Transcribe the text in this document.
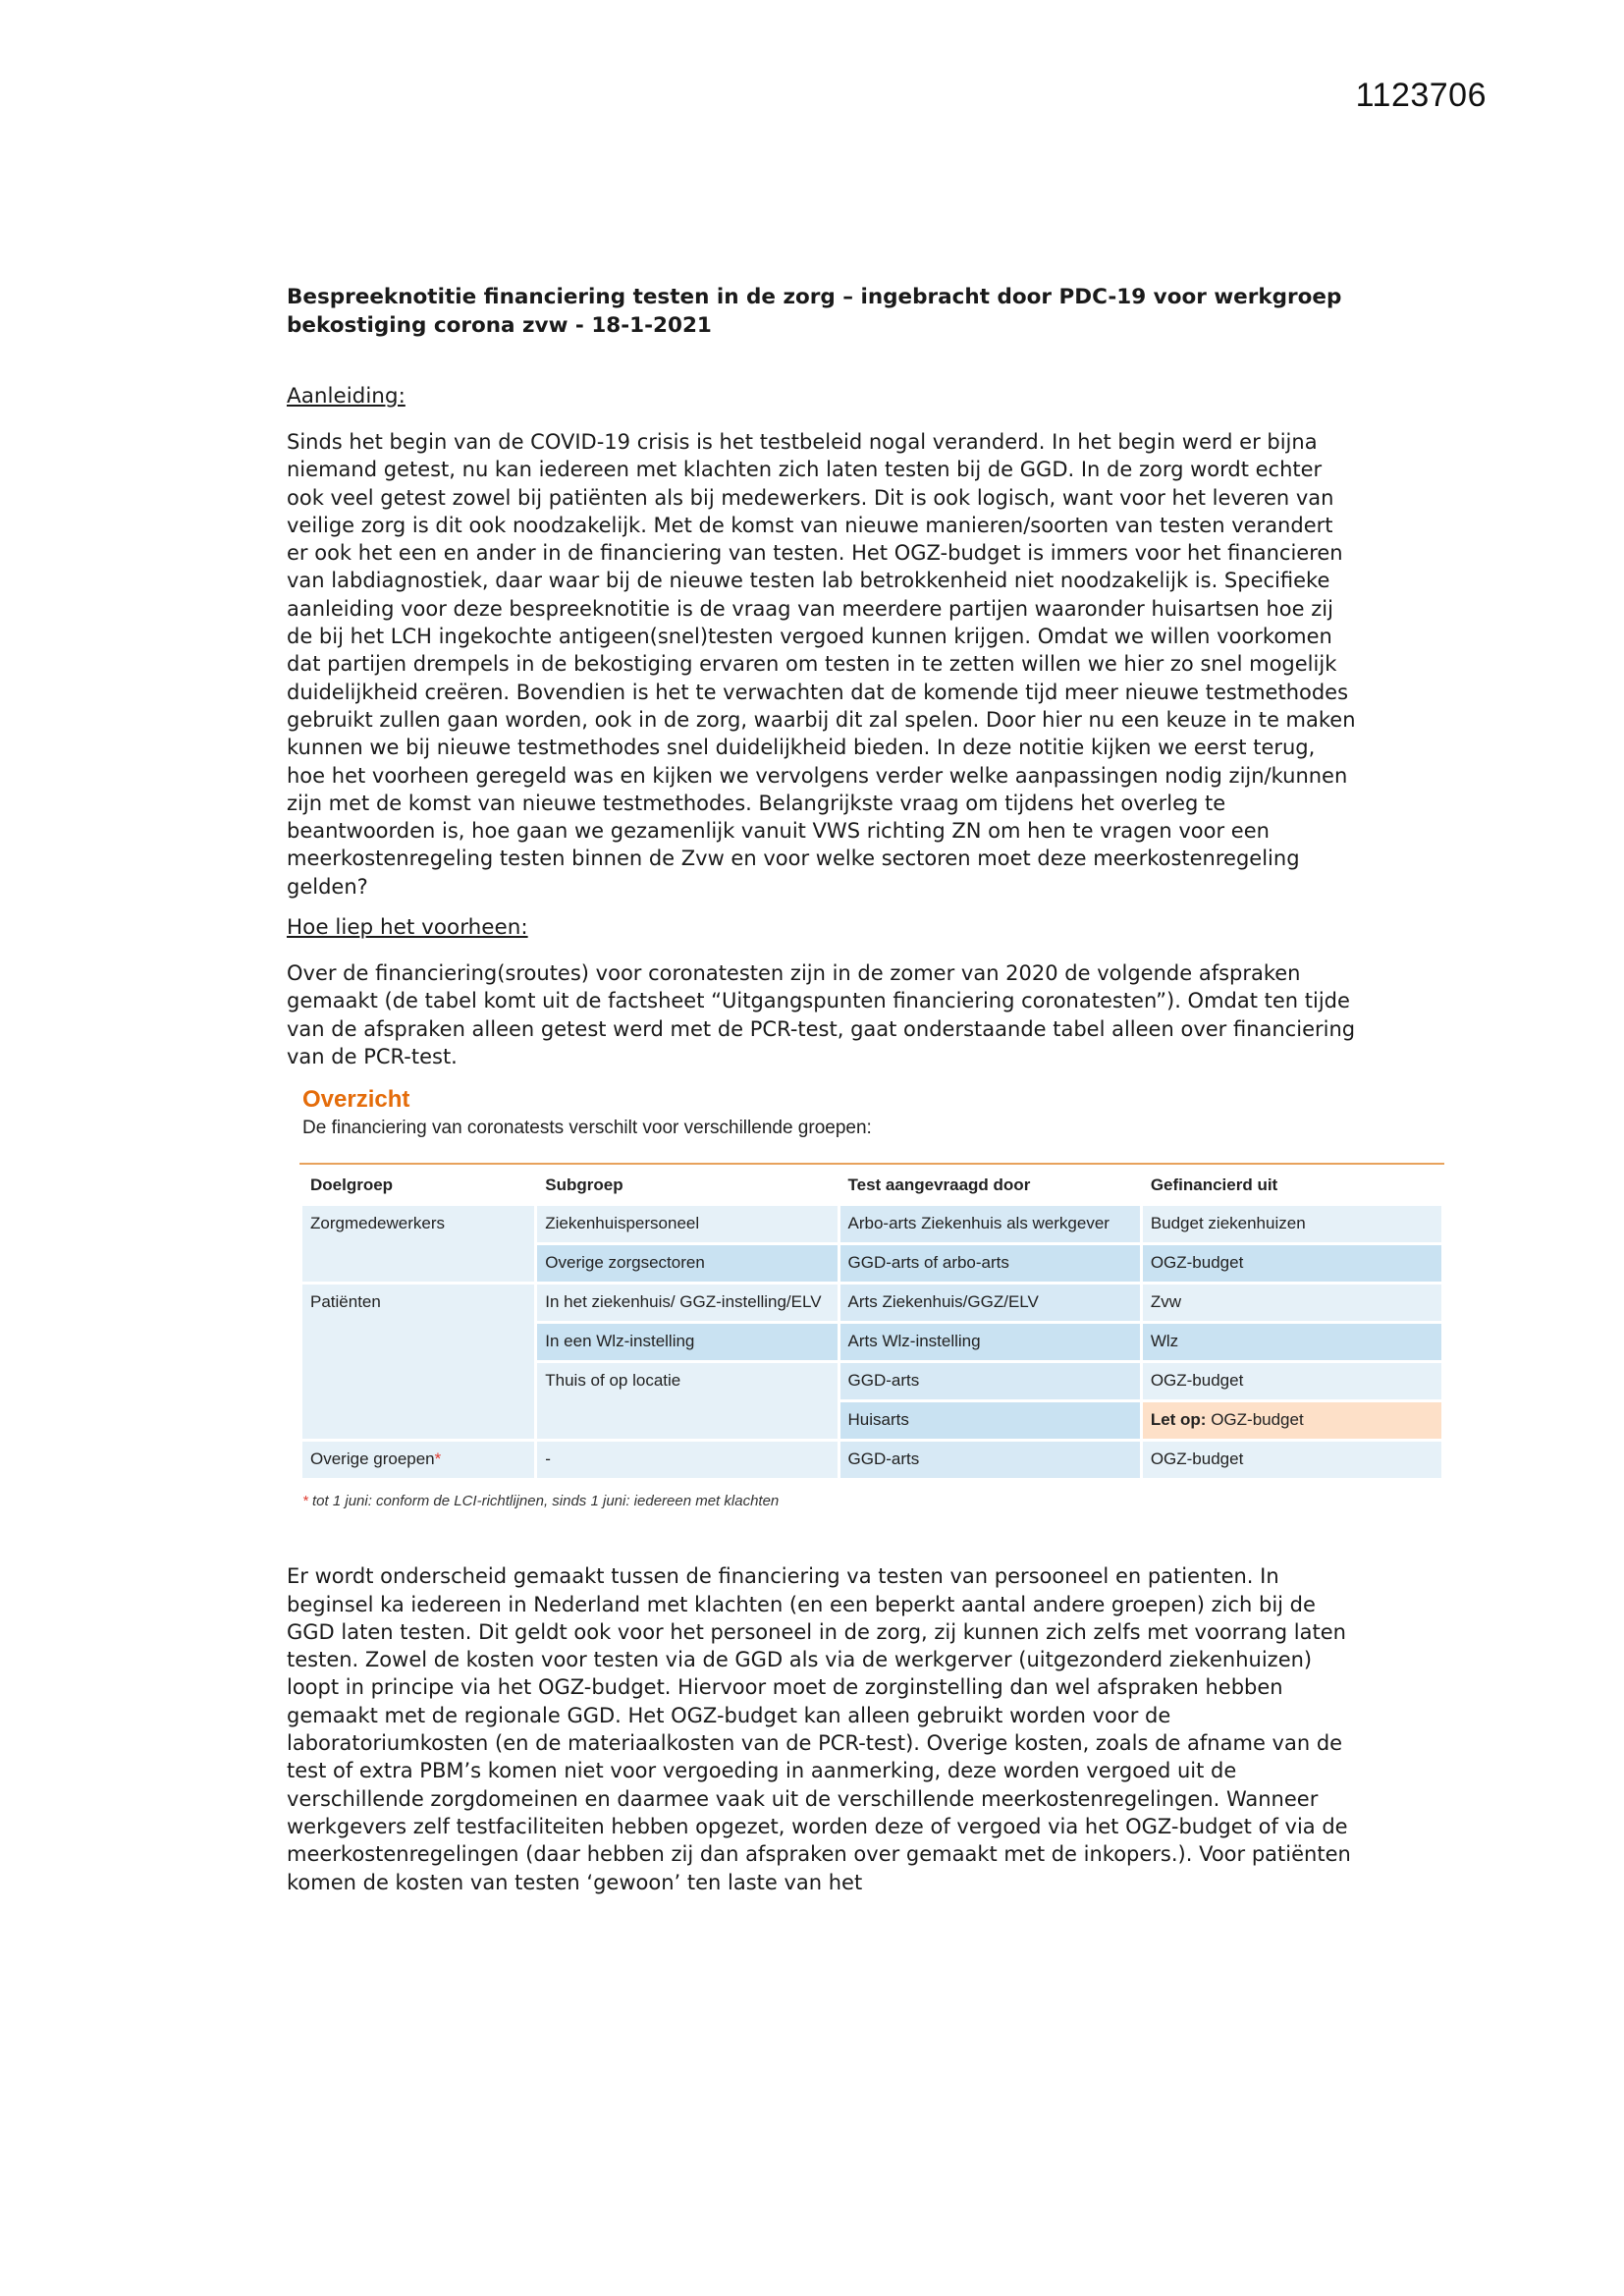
1123706

Bespreeknotitie financiering testen in de zorg – ingebracht door PDC-19 voor werkgroep bekostiging corona zvw - 18-1-2021

Aanleiding:

Sinds het begin van de COVID-19 crisis is het testbeleid nogal veranderd. In het begin werd er bijna niemand getest, nu kan iedereen met klachten zich laten testen bij de GGD. In de zorg wordt echter ook veel getest zowel bij patiënten als bij medewerkers. Dit is ook logisch, want voor het leveren van veilige zorg is dit ook noodzakelijk. Met de komst van nieuwe manieren/soorten van testen verandert er ook het een en ander in de financiering van testen. Het OGZ-budget is immers voor het financieren van labdiagnostiek, daar waar bij de nieuwe testen lab betrokkenheid niet noodzakelijk is. Specifieke aanleiding voor deze bespreeknotitie is de vraag van meerdere partijen waaronder huisartsen hoe zij de bij het LCH ingekochte antigeen(snel)testen vergoed kunnen krijgen. Omdat we willen voorkomen dat partijen drempels in de bekostiging ervaren om testen in te zetten willen we hier zo snel mogelijk duidelijkheid creëren. Bovendien is het te verwachten dat de komende tijd meer nieuwe testmethodes gebruikt zullen gaan worden, ook in de zorg, waarbij dit zal spelen. Door hier nu een keuze in te maken kunnen we bij nieuwe testmethodes snel duidelijkheid bieden. In deze notitie kijken we eerst terug, hoe het voorheen geregeld was en kijken we vervolgens verder welke aanpassingen nodig zijn/kunnen zijn met de komst van nieuwe testmethodes. Belangrijkste vraag om tijdens het overleg te beantwoorden is, hoe gaan we gezamenlijk vanuit VWS richting ZN om hen te vragen voor een meerkostenregeling testen binnen de Zvw en voor welke sectoren moet deze meerkostenregeling gelden?

Hoe liep het voorheen:

Over de financiering(sroutes) voor coronatesten zijn in de zomer van 2020 de volgende afspraken gemaakt (de tabel komt uit de factsheet “Uitgangspunten financiering coronatesten”). Omdat ten tijde van de afspraken alleen getest werd met de PCR-test, gaat onderstaande tabel alleen over financiering van de PCR-test.

Overzicht
De financiering van coronatests verschilt voor verschillende groepen:
Doelgroep	Subgroep	Test aangevraagd door	Gefinancierd uit
Zorgmedewerkers	Ziekenhuispersoneel	Arbo-arts Ziekenhuis als werkgever	Budget ziekenhuizen
	Overige zorgsectoren	GGD-arts of arbo-arts	OGZ-budget
Patiënten	In het ziekenhuis/ GGZ-instelling/ELV	Arts Ziekenhuis/GGZ/ELV	Zvw
	In een Wlz-instelling	Arts Wlz-instelling	Wlz
	Thuis of op locatie	GGD-arts	OGZ-budget
		Huisarts	Let op: OGZ-budget
Overige groepen*	-	GGD-arts	OGZ-budget
* tot 1 juni: conform de LCI-richtlijnen, sinds 1 juni: iedereen met klachten

Er wordt onderscheid gemaakt tussen de financiering va testen van persooneel en patienten. In beginsel ka iedereen in Nederland met klachten (en een beperkt aantal andere groepen) zich bij de GGD laten testen. Dit geldt ook voor het personeel in de zorg, zij kunnen zich zelfs met voorrang laten testen. Zowel de kosten voor testen via de GGD als via de werkgerver (uitgezonderd ziekenhuizen) loopt in principe via het OGZ-budget. Hiervoor moet de zorginstelling dan wel afspraken hebben gemaakt met de regionale GGD. Het OGZ-budget kan alleen gebruikt worden voor de laboratoriumkosten (en de materiaalkosten van de PCR-test). Overige kosten, zoals de afname van de test of extra PBM’s komen niet voor vergoeding in aanmerking, deze worden vergoed uit de verschillende zorgdomeinen en daarmee vaak uit de verschillende meerkostenregelingen. Wanneer werkgevers zelf testfaciliteiten hebben opgezet, worden deze of vergoed via het OGZ-budget of via de meerkostenregelingen (daar hebben zij dan afspraken over gemaakt met de inkopers.). Voor patiënten komen de kosten van testen ‘gewoon’ ten laste van het
